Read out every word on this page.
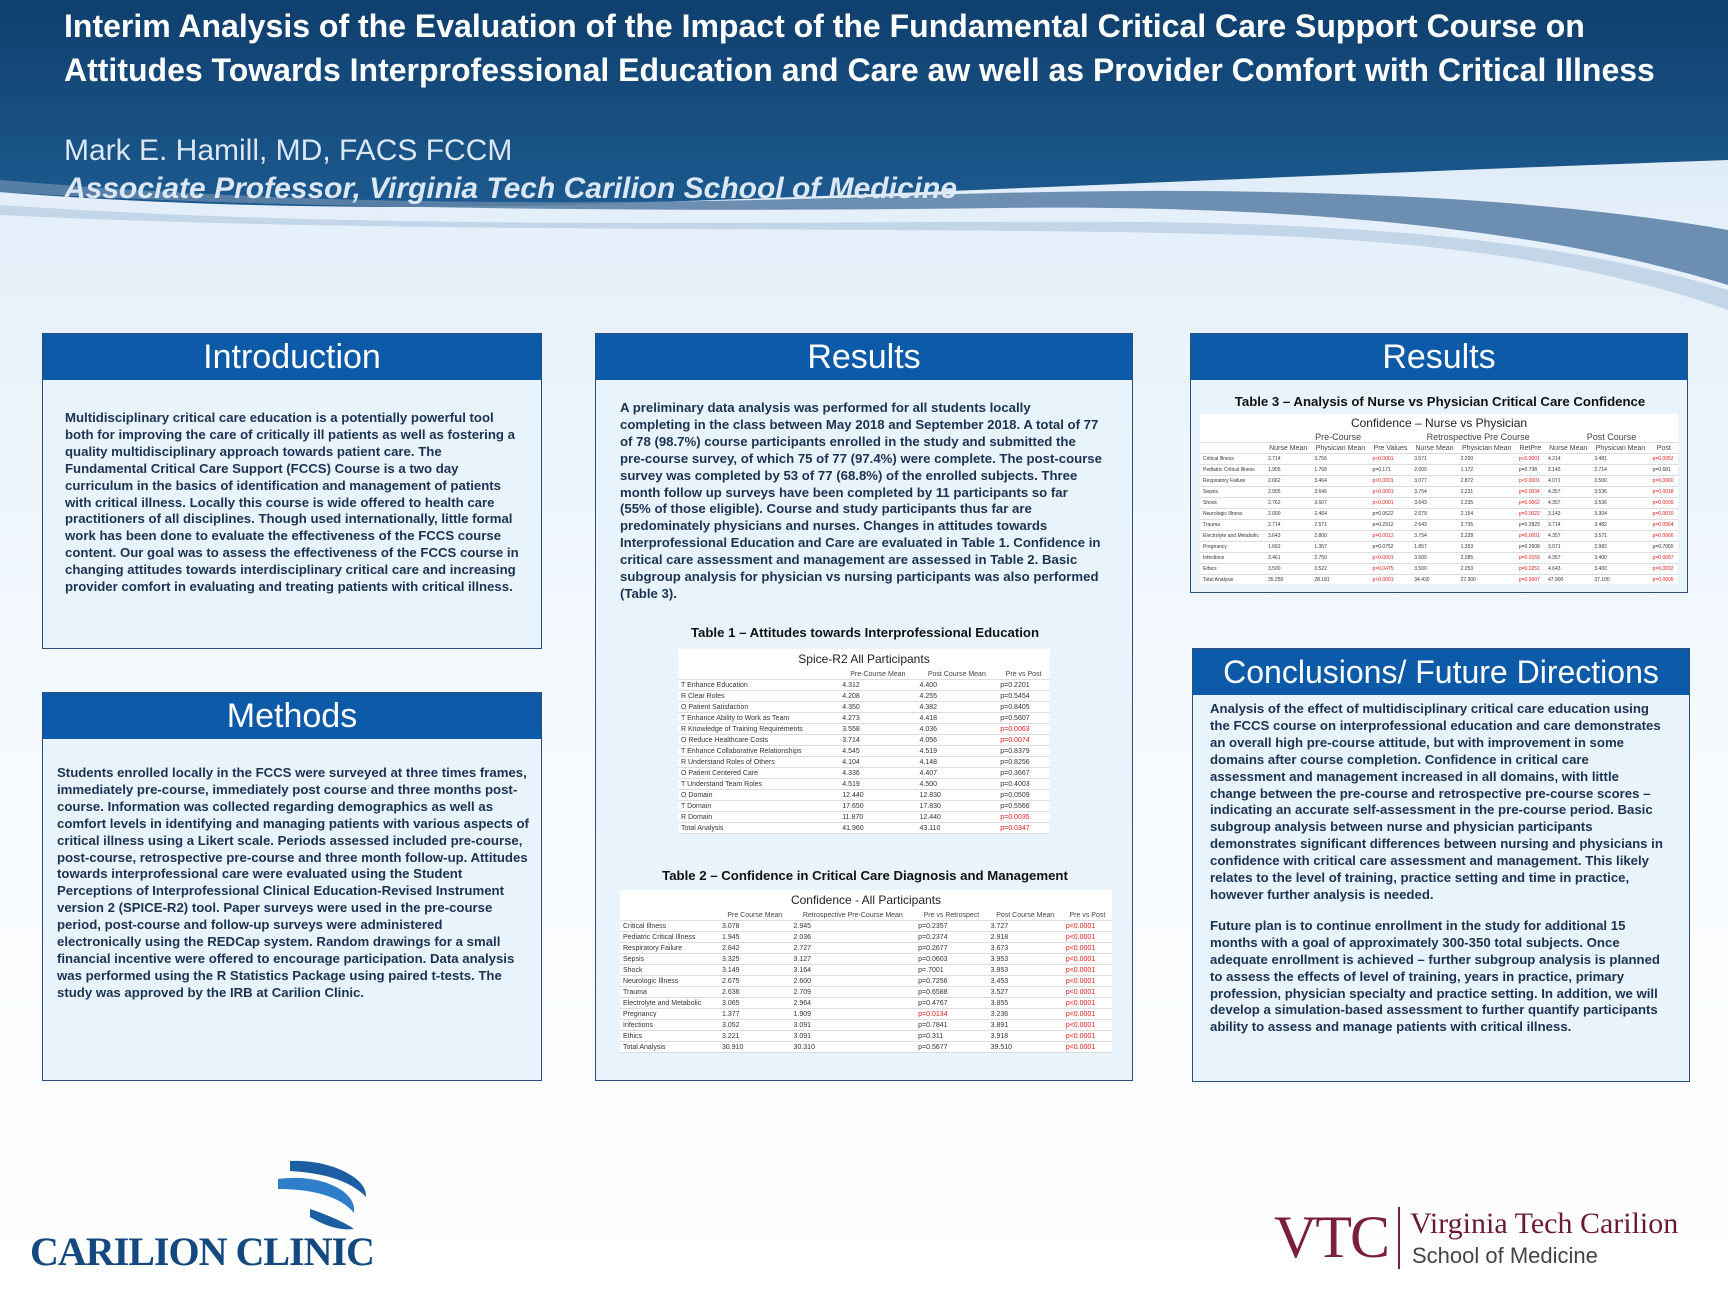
Interim Analysis of the Evaluation of the Impact of the Fundamental Critical Care Support Course on Attitudes Towards Interprofessional Education and Care aw well as Provider Comfort with Critical Illness
Mark E. Hamill, MD, FACS FCCM
Associate Professor, Virginia Tech Carilion School of Medicine
Introduction
Multidisciplinary critical care education is a potentially powerful tool both for improving the care of critically ill patients as well as fostering a quality multidisciplinary approach towards patient care. The Fundamental Critical Care Support (FCCS) Course is a two day curriculum in the basics of identification and management of patients with critical illness. Locally this course is wide offered to health care practitioners of all disciplines. Though used internationally, little formal work has been done to evaluate the effectiveness of the FCCS course content. Our goal was to assess the effectiveness of the FCCS course in changing attitudes towards interdisciplinary critical care and increasing provider comfort in evaluating and treating patients with critical illness.
Methods
Students enrolled locally in the FCCS were surveyed at three times frames, immediately pre-course, immediately post course and three months post-course. Information was collected regarding demographics as well as comfort levels in identifying and managing patients with various aspects of critical illness using a Likert scale. Periods assessed included pre-course, post-course, retrospective pre-course and three month follow-up. Attitudes towards interprofessional care were evaluated using the Student Perceptions of Interprofessional Clinical Education-Revised Instrument version 2 (SPICE-R2) tool. Paper surveys were used in the pre-course period, post-course and follow-up surveys were administered electronically using the REDCap system. Random drawings for a small financial incentive were offered to encourage participation. Data analysis was performed using the R Statistics Package using paired t-tests. The study was approved by the IRB at Carilion Clinic.
Results
A preliminary data analysis was performed for all students locally completing in the class between May 2018 and September 2018. A total of 77 of 78 (98.7%) course participants enrolled in the study and submitted the pre-course survey, of which 75 of 77 (97.4%) were complete. The post-course survey was completed by 53 of 77 (68.8%) of the enrolled subjects. Three month follow up surveys have been completed by 11 participants so far (55% of those eligible). Course and study participants thus far are predominately physicians and nurses. Changes in attitudes towards Interprofessional Education and Care are evaluated in Table 1. Confidence in critical care assessment and management are assessed in Table 2. Basic subgroup analysis for physician vs nursing participants was also performed (Table 3).
Table 1 – Attitudes towards Interprofessional Education
Spice-R2 All Participants
	Pre-Course Mean	Post Course Mean	Pre vs Post
T Enhance Education	4.312	4.400	p=0.2201
R Clear Roles	4.208	4.255	p=0.5454
O Patient Satisfaction	4.350	4.382	p=0.8405
T Enhance Ability to Work as Team	4.273	4.418	p=0.5607
R Knowledge of Training Requirements	3.558	4.036	p=0.0063
O Reduce Healthcare Costs	3.714	4.056	p=0.0074
T Enhance Collaborative Relationships	4.545	4.519	p=0.8379
R Understand Roles of Others	4.104	4.148	p=0.8256
O Patient Centered Care	4.336	4.407	p=0.3667
T Understand Team Roles	4.519	4.500	p=0.4003
O Domain	12.440	12.830	p=0.0509
T Domain	17.650	17.830	p=0.5566
R Domain	11.870	12.440	p=0.0035
Total Analysis	41.960	43.110	p=0.0347
Table 2 – Confidence in Critical Care Diagnosis and Management
Confidence - All Participants
	Pre Course Mean	Retrospective Pre-Course Mean	Pre vs Retrospect	Post Course Mean	Pre vs Post
Critical Illness	3.078	2.945	p=0.2357	3.727	p<0.0001
Pediatric Critical Illness	1.945	2.036	p=0.2374	2.918	p<0.0001
Respiratory Failure	2.842	2.727	p=0.2677	3.673	p<0.0001
Sepsis	3.325	3.127	p=0.0603	3.953	p<0.0001
Shock	3.149	3.164	p=.7001	3.953	p<0.0001
Neurologic Illness	2.675	2.600	p=0.7256	3.453	p<0.0001
Trauma	2.636	2.709	p=0.6588	3.527	p<0.0001
Electrolyte and Metabolic	3.065	2.964	p=0.4767	3.855	p<0.0001
Pregnancy	1.377	1.909	p=0.0134	3.236	p<0.0001
Infections	3.052	3.091	p=0.7841	3.891	p<0.0001
Ethics	3.221	3.091	p=0.311	3.918	p<0.0001
Total Analysis	30.910	30.310	p=0.5677	39.510	p<0.0001
Results
Table 3 – Analysis of Nurse vs Physician Critical Care Confidence
Confidence – Nurse vs Physician
	Pre-Course			Retrospective Pre Course			Post Course		
	Nurse Mean	Physician Mean	Pre Values	Nurse Mean	Physician Mean	RetPre	Nurse Mean	Physician Mean	Post
Critical Illness	2.714	3.756	p<0.0001	3.571	2.200	p<0.0001	4.214	3.481	p=0.0052
Pediatric Critical Illness	1.905	1.768	p=0.171	2.000	1.172	p=0.738	2.143	2.714	p=0.681
Respiratory Failure	2.662	3.464	p<0.0001	3.077	2.872	p<0.0001	4.071	3.500	p=0.0060
Sepsis	2.905	3.646	p<0.0001	3.754	2.231	p=0.0034	4.357	3.536	p=0.0018
Shock	2.762	3.607	p<0.0001	3.643	2.235	p=0.0062	4.357	3.536	p=0.0009
Neurologic Illness	2.000	2.464	p=0.0622	2.579	2.154	p=0.0022	3.143	3.304	p=0.0010
Trauma	2.714	2.571	p=0.2912	2.643	2.735	p=0.2829	3.714	3.482	p=0.0064
Electrolyte and Metabolic	3.643	2.800	p=0.0012	3.754	2.228	p=0.0001	4.357	3.571	p=0.0066
Pregnancy	1.662	1.357	p=0.0752	1.857	1.353	p=0.2608	3.071	2.982	p=0.7065
Infections	3.461	2.750	p<0.0001	3.500	2.385	p=0.0159	4.357	3.400	p=0.0097
Ethics	3.500	3.522	p=0.0475	3.500	2.253	p=0.0251	4.643	3.400	p=0.0092
Total Analysis	35.250	28.181	p<0.0001	34.430	27.300	p=0.0007	47.900	37.100	p=0.0005
Conclusions/ Future Directions

Analysis of the effect of multidisciplinary critical care education using the FCCS course on interprofessional education and care demonstrates an overall high pre-course attitude, but with improvement in some domains after course completion. Confidence in critical care assessment and management increased in all domains, with little change between the pre-course and retrospective pre-course scores – indicating an accurate self-assessment in the pre-course period. Basic subgroup analysis between nurse and physician participants demonstrates significant differences between nursing and physicians in confidence with critical care assessment and management. This likely relates to the level of training, practice setting and time in practice, however further analysis is needed.

Future plan is to continue enrollment in the study for additional 15 months with a goal of approximately 300-350 total subjects. Once adequate enrollment is achieved – further subgroup analysis is planned to assess the effects of level of training, years in practice, primary profession, physician specialty and practice setting. In addition, we will develop a simulation-based assessment to further quantify participants ability to assess and manage patients with critical illness.

CARILION CLINIC	VTC Virginia Tech Carilion
School of Medicine
